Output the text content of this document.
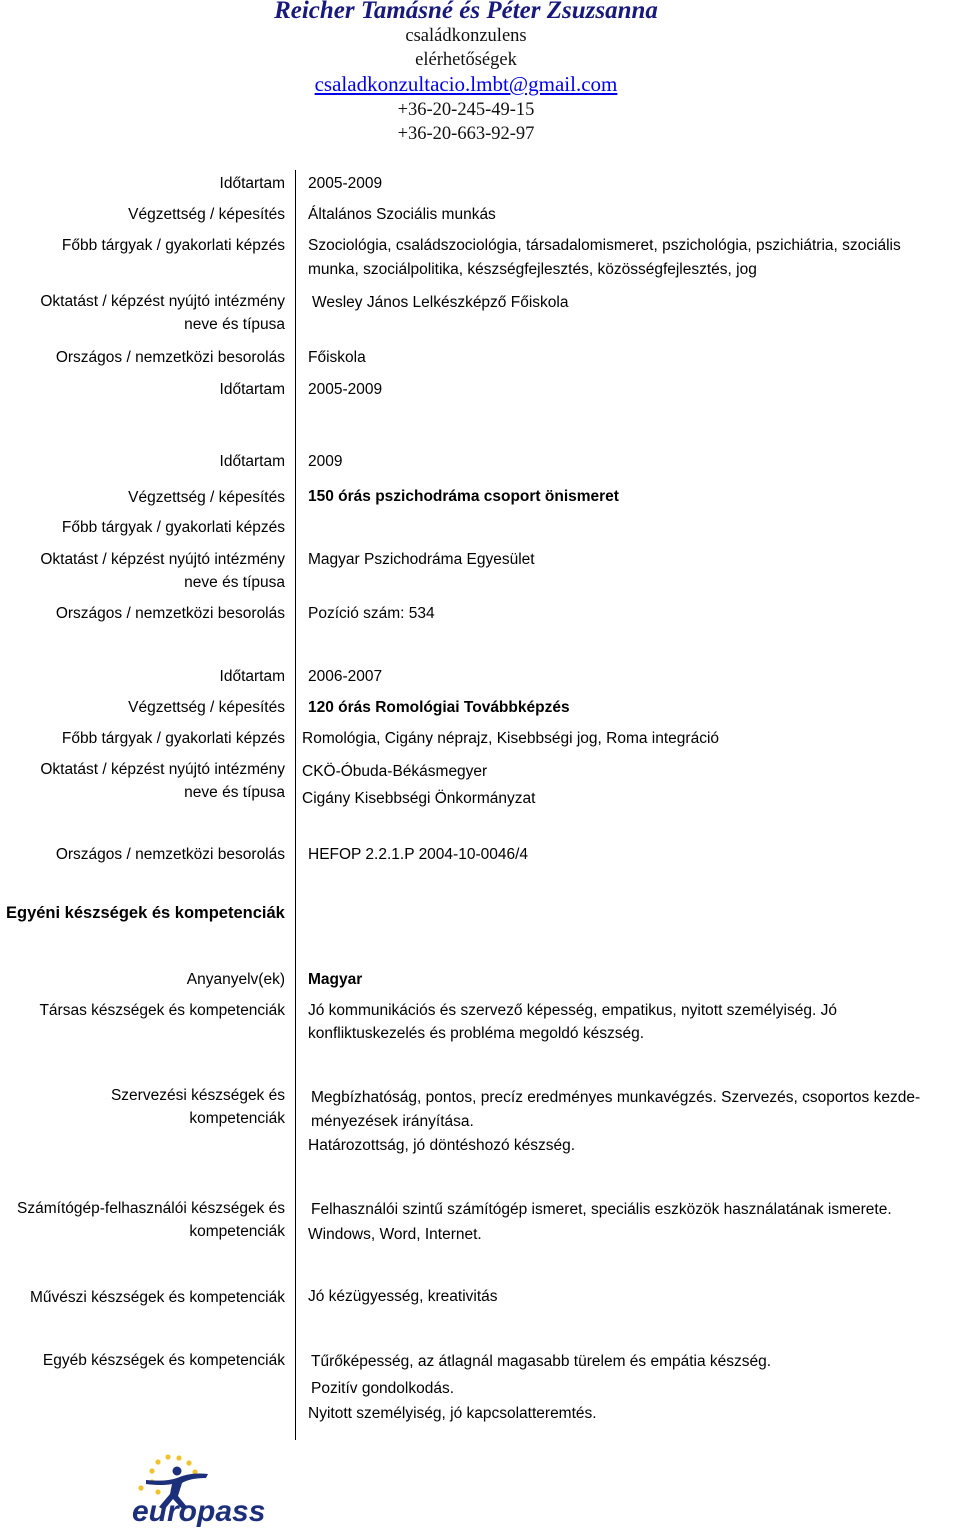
Reicher Tamásné és Péter Zsuzsanna
családkonzulens
elérhetőségek
csaladkonzultacio.lmbt@gmail.com
+36-20-245-49-15
+36-20-663-92-97
Időtartam 2005-2009
Végzettség / képesítés Általános Szociális munkás
Főbb tárgyak / gyakorlati képzés Szociológia, családszociológia, társadalomismeret, pszichológia, pszichiátria, szociális
munka, szociálpolitika, készségfejlesztés, közösségfejlesztés, jog
Oktatást / képzést nyújtó intézmény
neve és típusa
Wesley János Lelkészképző Főiskola
Országos / nemzetközi besorolás Főiskola
Időtartam 2005-2009
Időtartam 2009
Végzettség / képesítés 150 órás pszichodráma csoport önismeret
Főbb tárgyak / gyakorlati képzés
Oktatást / képzést nyújtó intézmény
neve és típusa
Magyar Pszichodráma Egyesület
Országos / nemzetközi besorolás Pozíció szám: 534
Időtartam 2006-2007
Végzettség / képesítés 120 órás Romológiai Továbbképzés
Főbb tárgyak / gyakorlati képzés Romológia, Cigány néprajz, Kisebbségi jog, Roma integráció
Oktatást / képzést nyújtó intézmény
neve és típusa
CKÖ-Óbuda-Békásmegyer
Cigány Kisebbségi Önkormányzat
Országos / nemzetközi besorolás HEFOP 2.2.1.P 2004-10-0046/4
Egyéni készségek és kompetenciák
Anyanyelv(ek) Magyar
Társas készségek és kompetenciák Jó kommunikációs és szervező képesség, empatikus, nyitott személyiség. Jó
konfliktuskezelés és probléma megoldó készség.
Szervezési készségek és
kompetenciák
Megbízhatóság, pontos, precíz eredményes munkavégzés. Szervezés, csoportos kezde-
ményezések irányítása.
Határozottság, jó döntéshozó készség.
Számítógép-felhasználói készségek és
kompetenciák
Felhasználói szintű számítógép ismeret, speciális eszközök használatának ismerete.
Windows, Word, Internet.
Művészi készségek és kompetenciák Jó kézügyesség, kreativitás
Egyéb készségek és kompetenciák Tűrőképesség, az átlagnál magasabb türelem és empátia készség.
Pozitív gondolkodás.
Nyitott személyiség, jó kapcsolatteremtés.
europass
